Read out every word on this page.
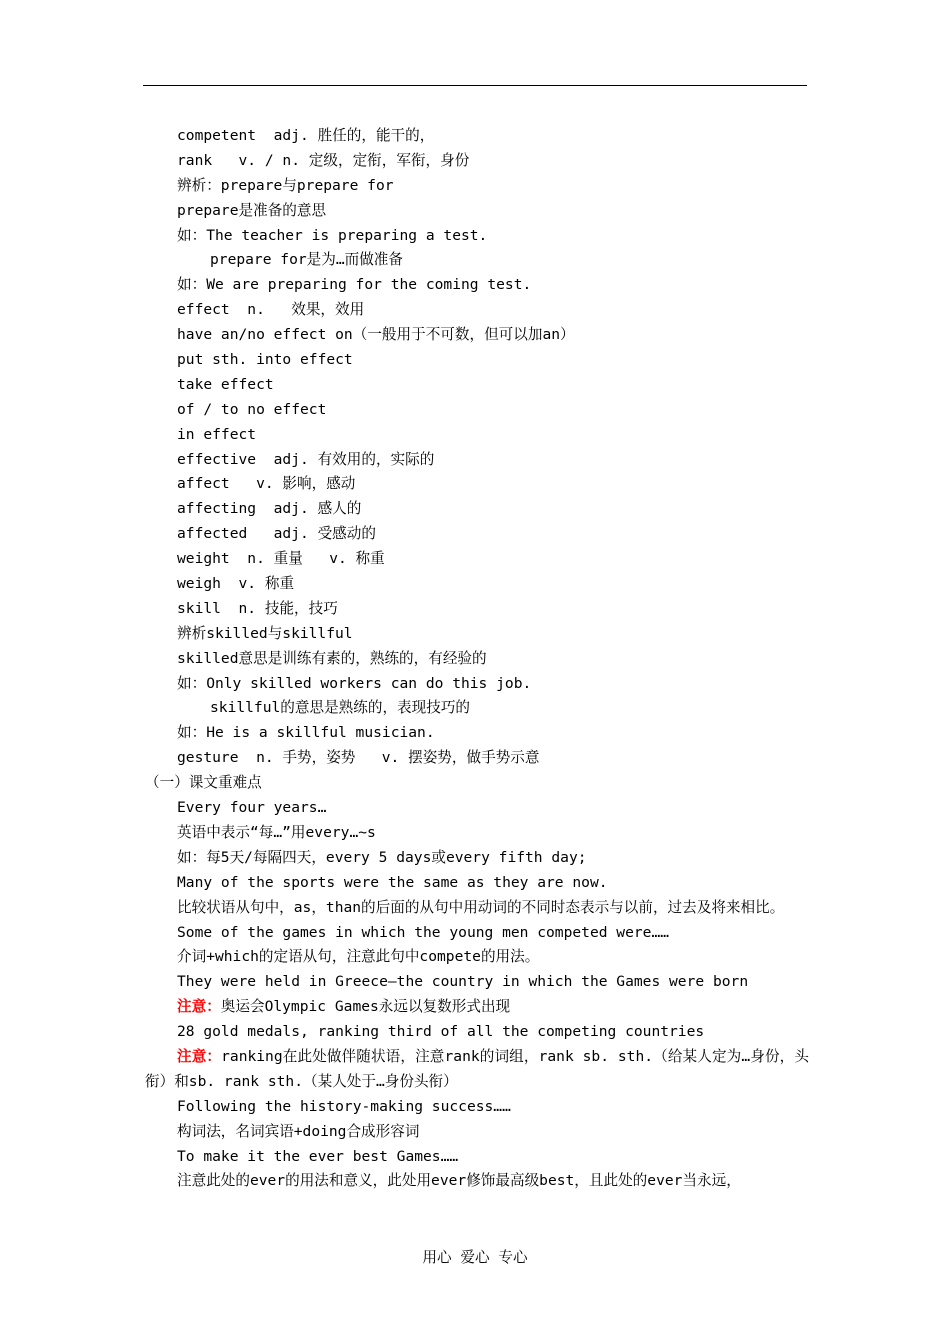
competent  adj. 胜任的，能干的，
rank   v. / n. 定级，定衔，军衔，身份
辨析：prepare与prepare for
prepare是准备的意思
如：The teacher is preparing a test.
prepare for是为…而做准备
如：We are preparing for the coming test.
effect  n.   效果，效用
have an/no effect on（一般用于不可数，但可以加an）
put sth. into effect
take effect
of / to no effect
in effect
effective  adj. 有效用的，实际的
affect   v. 影响，感动
affecting  adj. 感人的
affected   adj. 受感动的
weight  n. 重量   v. 称重
weigh  v. 称重
skill  n. 技能，技巧
辨析skilled与skillful
skilled意思是训练有素的，熟练的，有经验的
如：Only skilled workers can do this job.
skillful的意思是熟练的，表现技巧的
如：He is a skillful musician.
gesture  n. 手势，姿势   v. 摆姿势，做手势示意
（一）课文重难点
Every four years…
英语中表示“每…”用every…~s
如：每5天/每隔四天，every 5 days或every fifth day;
Many of the sports were the same as they are now.
比较状语从句中，as，than的后面的从句中用动词的不同时态表示与以前，过去及将来相比。
Some of the games in which the young men competed were……
介词+which的定语从句，注意此句中compete的用法。
They were held in Greece—the country in which the Games were born
注意：奥运会Olympic Games永远以复数形式出现
28 gold medals, ranking third of all the competing countries
注意：ranking在此处做伴随状语，注意rank的词组，rank sb. sth.（给某人定为…身份，头衔）和sb. rank sth.（某人处于…身份头衔）
Following the history-making success……
构词法，名词宾语+doing合成形容词
To make it the ever best Games……
注意此处的ever的用法和意义，此处用ever修饰最高级best，且此处的ever当永远，
用心 爱心 专心
